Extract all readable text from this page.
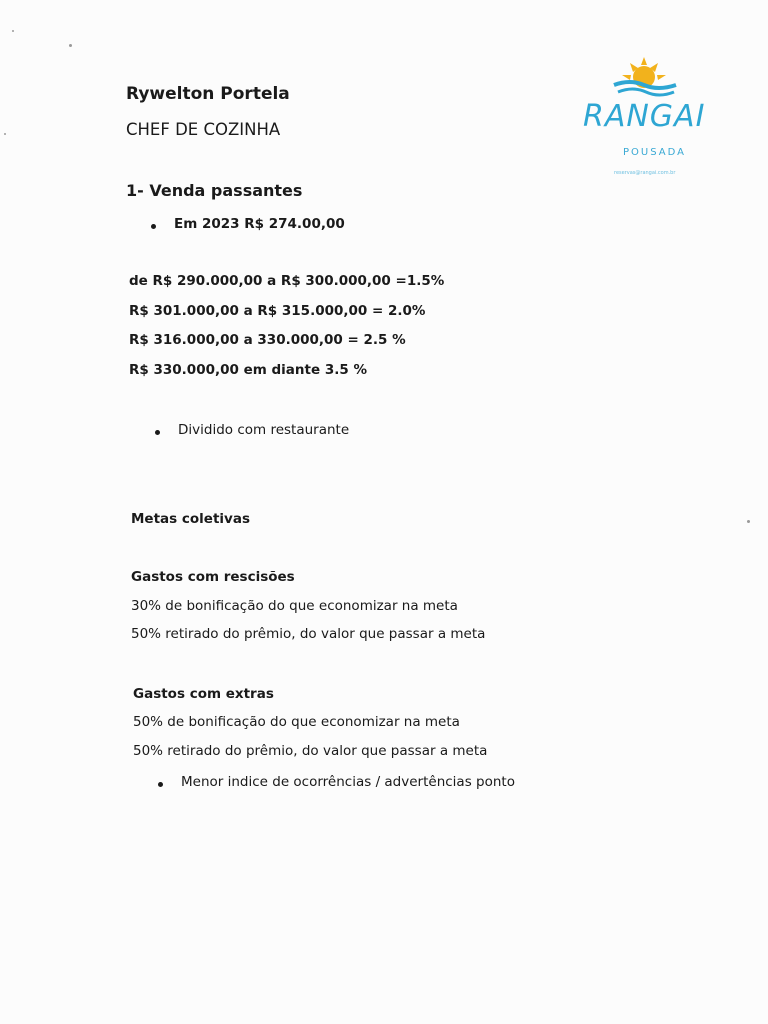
Rywelton Portela
CHEF DE COZINHA	RANGAI
POUSADA
reservas@rangai.com.br
1- Venda passantes
Em 2023 R$ 274.00,00
de R$ 290.000,00 a R$ 300.000,00 =1.5%
R$ 301.000,00 a R$ 315.000,00 = 2.0%
R$ 316.000,00 a 330.000,00 = 2.5 %
R$ 330.000,00 em diante 3.5 %
Dividido com restaurante
Metas coletivas
Gastos com rescisões
30% de bonificação do que economizar na meta
50% retirado do prêmio, do valor que passar a meta
Gastos com extras
50% de bonificação do que economizar na meta
50% retirado do prêmio, do valor que passar a meta
Menor indice de ocorrências / advertências ponto
